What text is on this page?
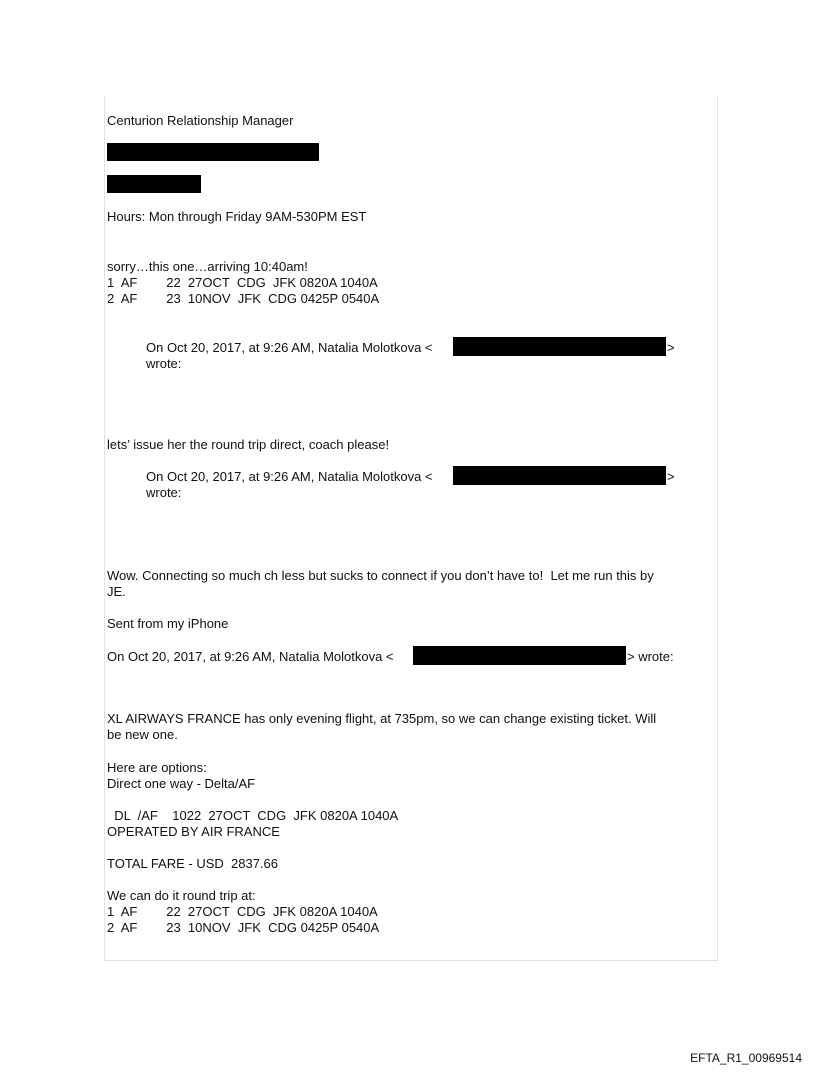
Centurion Relationship Manager
Hours: Mon through Friday 9AM-530PM EST
sorry…this one…arriving 10:40am!
1  AF        22  27OCT  CDG  JFK 0820A 1040A
2  AF        23  10NOV  JFK  CDG 0425P 0540A
On Oct 20, 2017, at 9:26 AM, Natalia Molotkova <	>
wrote:
lets’ issue her the round trip direct, coach please!
On Oct 20, 2017, at 9:26 AM, Natalia Molotkova <	>
wrote:
Wow. Connecting so much ch less but sucks to connect if you don’t have to!  Let me run this by
JE.
Sent from my iPhone
On Oct 20, 2017, at 9:26 AM, Natalia Molotkova <	> wrote:
XL AIRWAYS FRANCE has only evening flight, at 735pm, so we can change existing ticket. Will
be new one.
Here are options:
Direct one way - Delta/AF
DL  /AF    1022  27OCT  CDG  JFK 0820A 1040A
OPERATED BY AIR FRANCE
TOTAL FARE - USD  2837.66
We can do it round trip at:
1  AF        22  27OCT  CDG  JFK 0820A 1040A
2  AF        23  10NOV  JFK  CDG 0425P 0540A
EFTA_R1_00969514
